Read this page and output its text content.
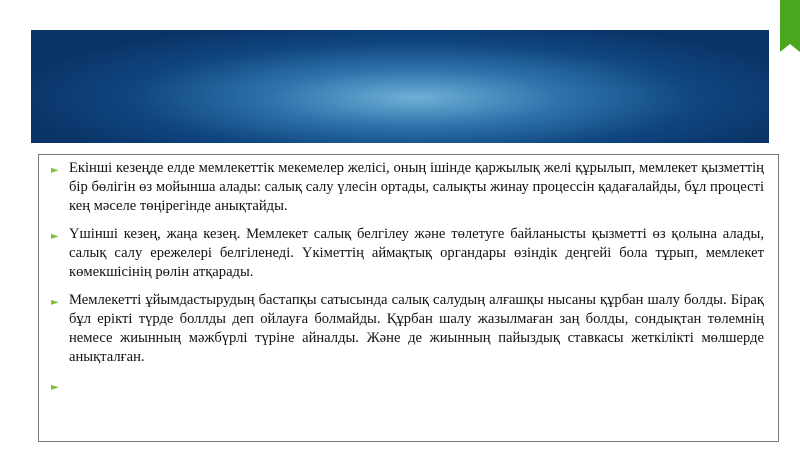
► Екінші кезеңде елде мемлекеттік мекемелер желісі, оның ішінде қаржылық желі құрылып, мемлекет қызметтің бір бөлігін өз мойынша алады: салық салу үлесін ортады, салықты жинау процессін қадағалайды, бұл процесті кең мәселе төңірегінде анықтайды.
► Үшінші кезең, жаңа кезең. Мемлекет салық белгілеу және төлетуге байланысты қызметті өз қолына алады, салық салу ережелері белгіленеді. Үкіметтің аймақтық органдары өзіндік деңгейі бола тұрып, мемлекет көмекшісінің рөлін атқарады.
► Мемлекетті ұйымдастырудың бастапқы сатысында салық салудың алғашқы нысаны құрбан шалу болды. Бірақ бұл ерікті түрде боллды деп ойлауға болмайды. Құрбан шалу жазылмаған заң болды, сондықтан төлемнің немесе жиынның мәжбүрлі түріне айналды. Және де жиынның пайыздық ставкасы жеткілікті мөлшерде анықталған.
►
